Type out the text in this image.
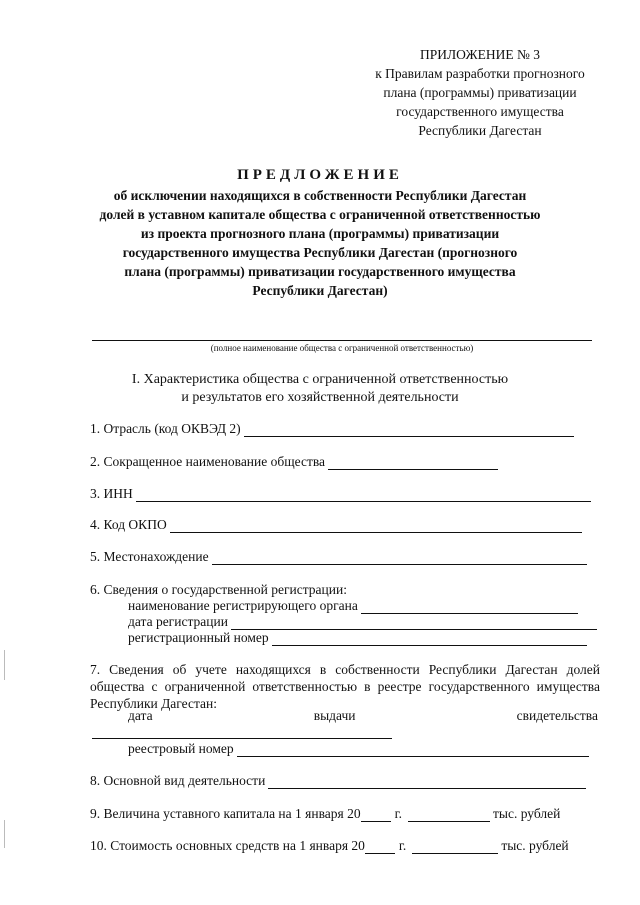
ПРИЛОЖЕНИЕ № 3
к Правилам разработки прогнозного
плана (программы) приватизации
государственного имущества
Республики Дагестан
ПРЕДЛОЖЕНИЕ
об исключении находящихся в собственности Республики Дагестан
долей в уставном капитале общества с ограниченной ответственностью
из проекта прогнозного плана (программы) приватизации
государственного имущества Республики Дагестан (прогнозного
плана (программы) приватизации государственного имущества
Республики Дагестан)
(полное наименование общества с ограниченной ответственностью)
I. Характеристика общества с ограниченной ответственностью
и результатов его хозяйственной деятельности
1. Отрасль (код ОКВЭД 2)
2. Сокращенное наименование общества
3. ИНН
4. Код ОКПО
5. Местонахождение
6. Сведения о государственной регистрации:
наименование регистрирующего органа
дата регистрации
регистрационный номер
7. Сведения об учете находящихся в собственности Республики Дагестан долей общества с ограниченной ответственностью в реестре государственного имущества Республики Дагестан:
дата	выдачи	свидетельства
реестровый номер
8. Основной вид деятельности
9. Величина уставного капитала на 1 января 20	г.	тыс. рублей
10. Стоимость основных средств на 1 января 20	г.	тыс. рублей
